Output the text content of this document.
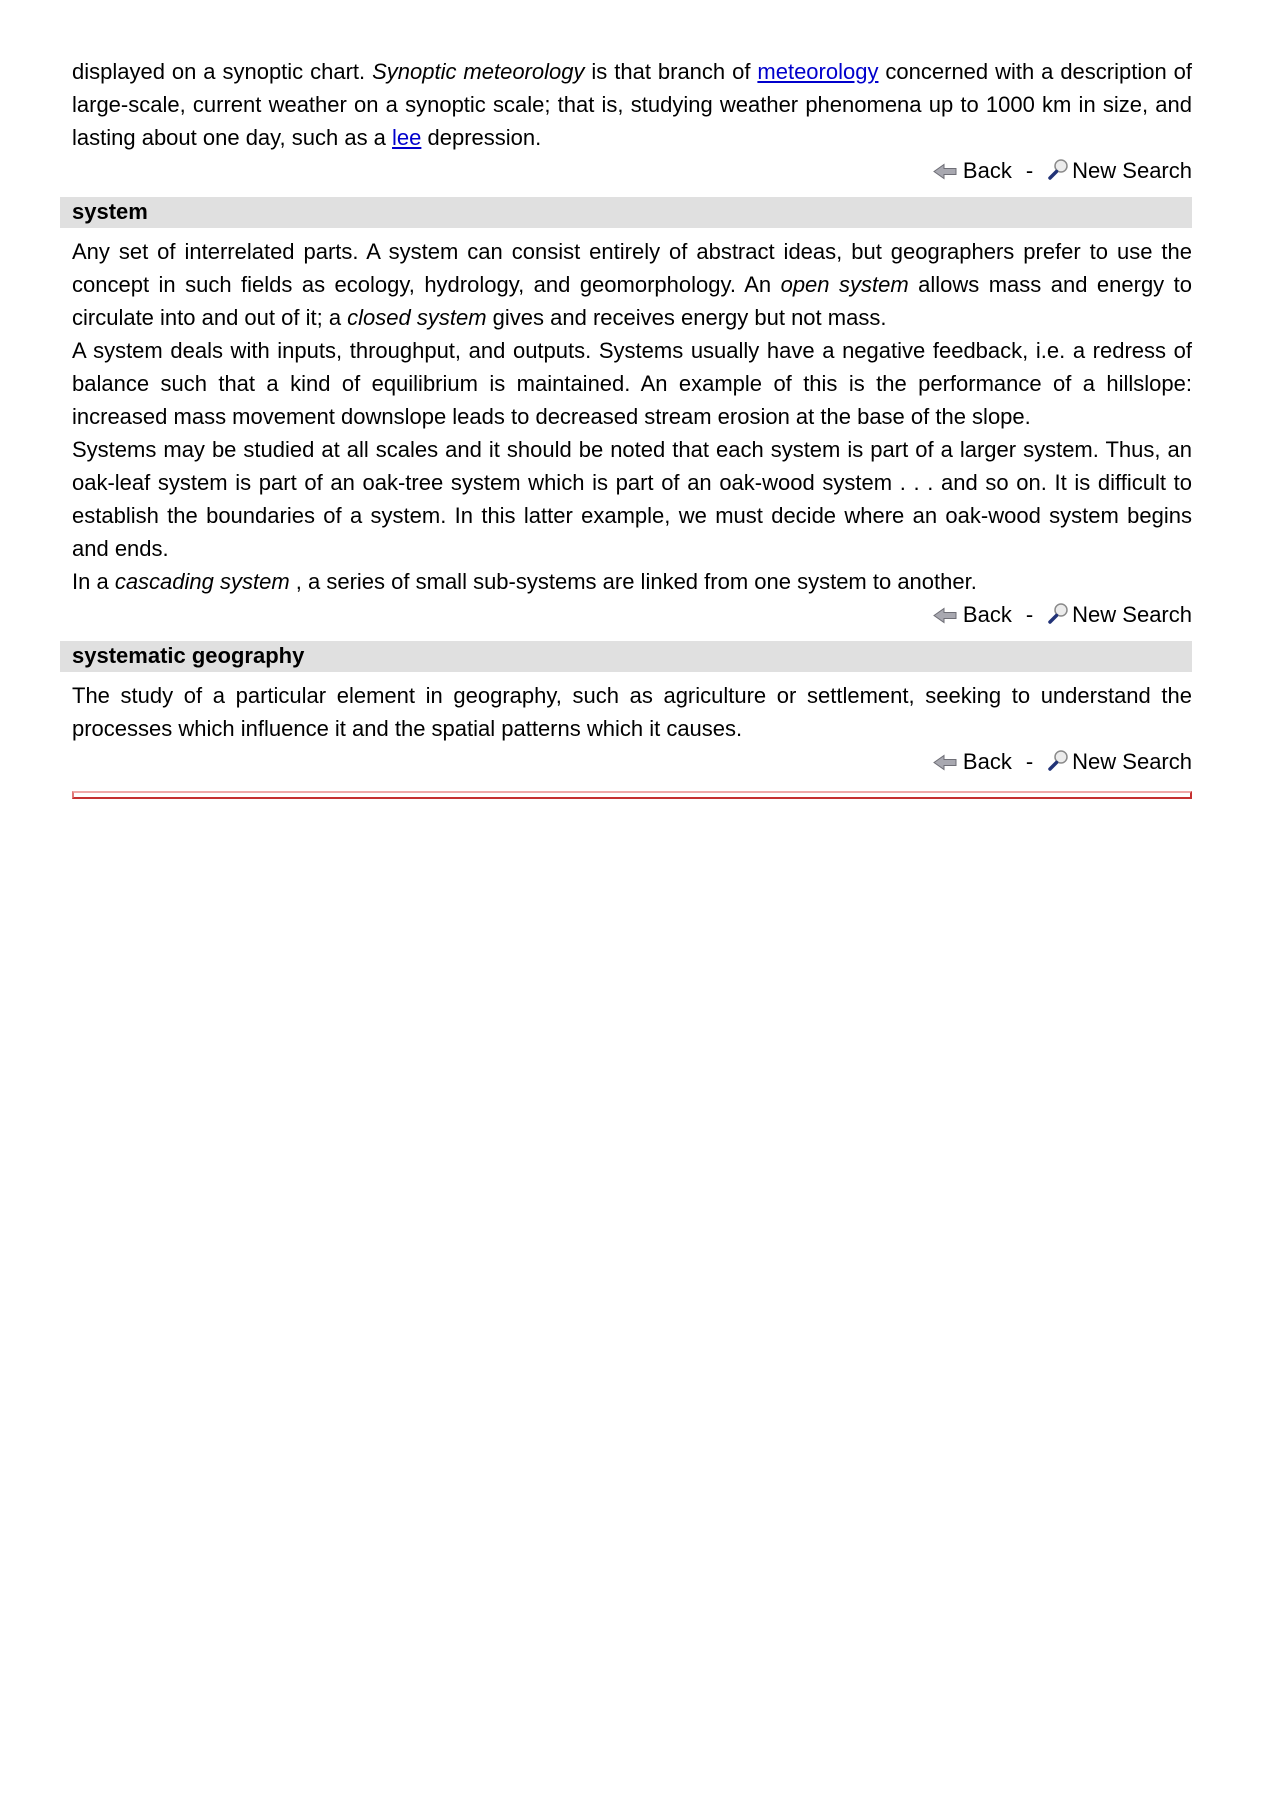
displayed on a synoptic chart. Synoptic meteorology is that branch of meteorology concerned with a description of large-scale, current weather on a synoptic scale; that is, studying weather phenomena up to 1000 km in size, and lasting about one day, such as a lee depression.
Back - New Search
system
Any set of interrelated parts. A system can consist entirely of abstract ideas, but geographers prefer to use the concept in such fields as ecology, hydrology, and geomorphology. An open system allows mass and energy to circulate into and out of it; a closed system gives and receives energy but not mass.
A system deals with inputs, throughput, and outputs. Systems usually have a negative feedback, i.e. a redress of balance such that a kind of equilibrium is maintained. An example of this is the performance of a hillslope: increased mass movement downslope leads to decreased stream erosion at the base of the slope.
Systems may be studied at all scales and it should be noted that each system is part of a larger system. Thus, an oak-leaf system is part of an oak-tree system which is part of an oak-wood system . . . and so on. It is difficult to establish the boundaries of a system. In this latter example, we must decide where an oak-wood system begins and ends.
In a cascading system , a series of small sub-systems are linked from one system to another.
Back - New Search
systematic geography
The study of a particular element in geography, such as agriculture or settlement, seeking to understand the processes which influence it and the spatial patterns which it causes.
Back - New Search
